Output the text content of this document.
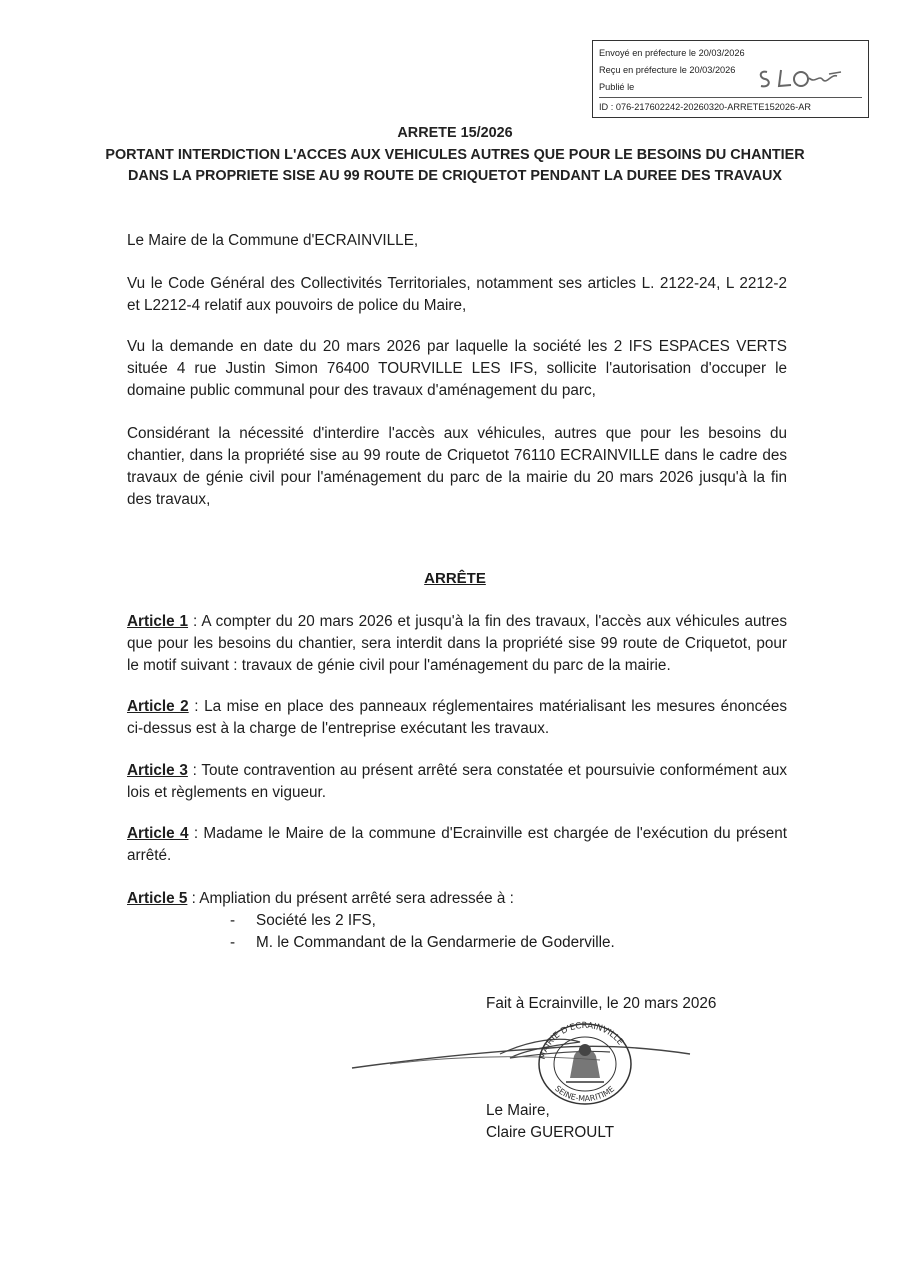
Envoyé en préfecture le 20/03/2026
Reçu en préfecture le 20/03/2026
Publié le
ID : 076-217602242-20260320-ARRETE152026-AR
ARRETE 15/2026
PORTANT INTERDICTION L'ACCES AUX VEHICULES AUTRES QUE POUR LE BESOINS DU CHANTIER DANS LA PROPRIETE SISE AU 99 ROUTE DE CRIQUETOT PENDANT LA DUREE DES TRAVAUX
Le Maire de la Commune d'ECRAINVILLE,
Vu le Code Général des Collectivités Territoriales, notamment ses articles L. 2122-24, L 2212-2 et L2212-4 relatif aux pouvoirs de police du Maire,
Vu la demande en date du 20 mars 2026 par laquelle la société les 2 IFS ESPACES VERTS située 4 rue Justin Simon 76400 TOURVILLE LES IFS, sollicite l'autorisation d'occuper le domaine public communal pour des travaux d'aménagement du parc,
Considérant la nécessité d'interdire l'accès aux véhicules, autres que pour les besoins du chantier, dans la propriété sise au 99 route de Criquetot 76110 ECRAINVILLE dans le cadre des travaux de génie civil pour l'aménagement du parc de la mairie du 20 mars 2026 jusqu'à la fin des travaux,
ARRÊTE
Article 1 : A compter du 20 mars 2026 et jusqu'à la fin des travaux, l'accès aux véhicules autres que pour les besoins du chantier, sera interdit dans la propriété sise 99 route de Criquetot, pour le motif suivant : travaux de génie civil pour l'aménagement du parc de la mairie.
Article 2 : La mise en place des panneaux réglementaires matérialisant les mesures énoncées ci-dessus est à la charge de l'entreprise exécutant les travaux.
Article 3 : Toute contravention au présent arrêté sera constatée et poursuivie conformément aux lois et règlements en vigueur.
Article 4 : Madame le Maire de la commune d'Ecrainville est chargée de l'exécution du présent arrêté.
Article 5 : Ampliation du présent arrêté sera adressée à :
- Société les 2 IFS,
- M. le Commandant de la Gendarmerie de Goderville.
Fait à Ecrainville, le 20 mars 2026
MAIRIE D'ECRAINVILLE
SEINE-MARITIME
Le Maire,
Claire GUEROULT
